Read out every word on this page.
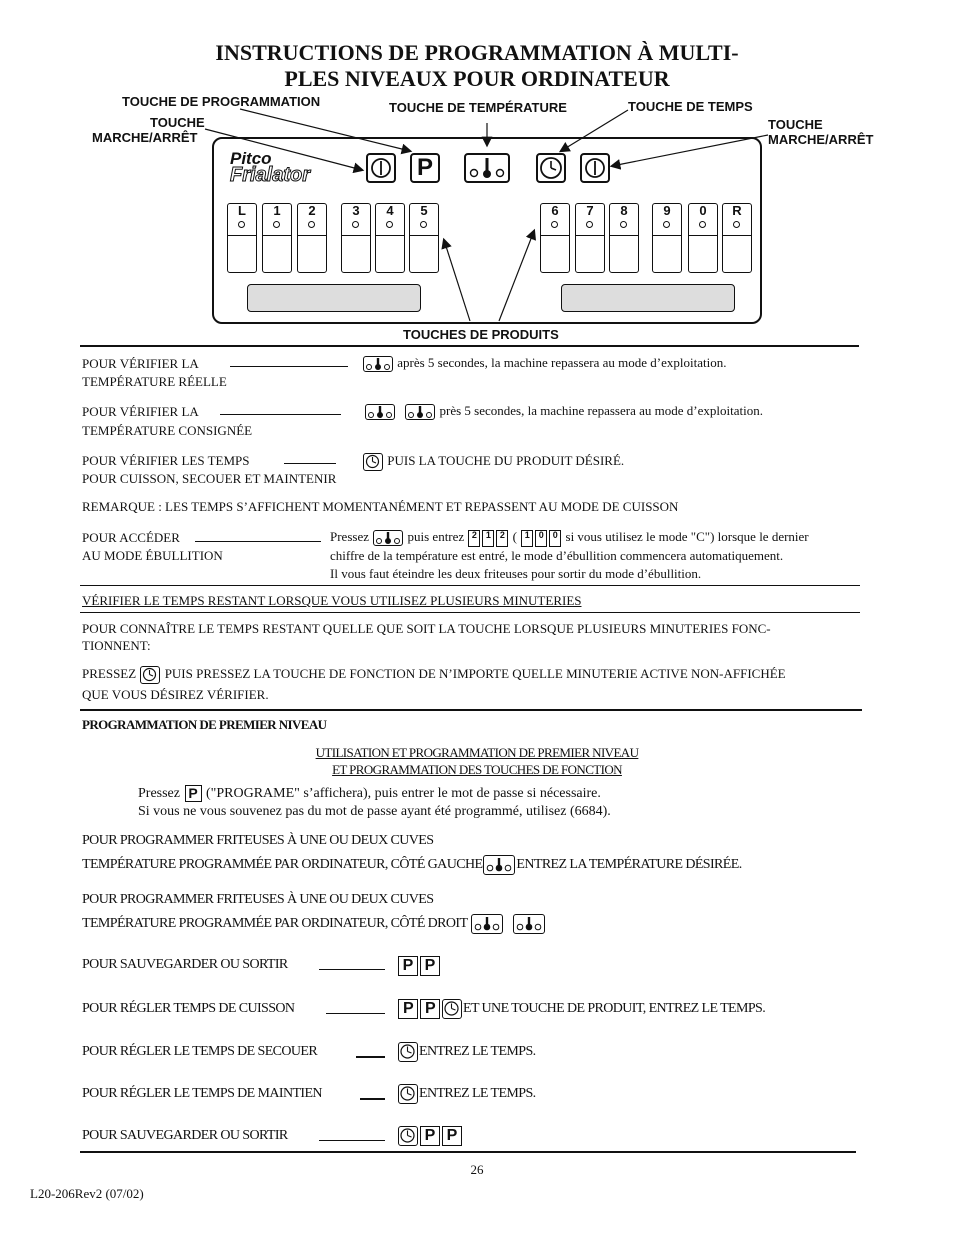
INSTRUCTIONS DE PROGRAMMATION À MULTI-
PLES NIVEAUX POUR ORDINATEUR
TOUCHE DE PROGRAMMATION	TOUCHE DE TEMPÉRATURE	TOUCHE DE TEMPS
TOUCHE
MARCHE/ARRÊT
TOUCHE
MARCHE/ARRÊT
TOUCHES DE PRODUITS
Pitco
Frialator	P
L	1	2	3	4	5	6	7	8	9	0	R
POUR VÉRIFIER LA
TEMPÉRATURE RÉELLE
après 5 secondes, la machine repassera au mode d’exploitation.
POUR VÉRIFIER LA
TEMPÉRATURE CONSIGNÉE

près 5 secondes, la machine repassera au mode d’exploitation.
POUR VÉRIFIER LES TEMPS
POUR CUISSON, SECOUER ET MAINTENIR
PUIS LA TOUCHE DU PRODUIT DÉSIRÉ.
REMARQUE : LES TEMPS S’AFFICHENT MOMENTANÉMENT ET REPASSENT AU MODE DE CUISSON
POUR ACCÉDER
AU MODE ÉBULLITION
Pressez	puis entrez 2 1 2 ( 1 0 0 si vous utilisez le mode "C") lorsque le dernier
chiffre de la température est entré, le mode d’ébullition commencera automatiquement.
Il vous faut éteindre les deux friteuses pour sortir du mode d’ébullition.
VÉRIFIER LE TEMPS RESTANT LORSQUE VOUS UTILISEZ PLUSIEURS MINUTERIES
POUR CONNAÎTRE LE TEMPS RESTANT QUELLE QUE SOIT LA TOUCHE LORSQUE PLUSIEURS MINUTERIES FONC-
TIONNENT:
PRESSEZ PUIS PRESSEZ LA TOUCHE DE FONCTION DE N’IMPORTE QUELLE MINUTERIE ACTIVE NON-AFFICHÉE
QUE VOUS DÉSIREZ VÉRIFIER.
PROGRAMMATION DE PREMIER NIVEAU
UTILISATION ET PROGRAMMATION DE PREMIER NIVEAU
ET PROGRAMMATION DES TOUCHES DE FONCTION
Pressez P ("PROGRAME" s’affichera), puis entrer le mot de passe si nécessaire.
Si vous ne vous souvenez pas du mot de passe ayant été programmé, utilisez (6684).
POUR PROGRAMMER FRITEUSES À UNE OU DEUX CUVES
TEMPÉRATURE PROGRAMMÉE PAR ORDINATEUR, CÔTÉ GAUCHE ENTREZ LA TEMPÉRATURE DÉSIRÉE.
POUR PROGRAMMER FRITEUSES À UNE OU DEUX CUVES
TEMPÉRATURE PROGRAMMÉE PAR ORDINATEUR, CÔTÉ DROIT

POUR SAUVEGARDER OU SORTIR	P P
POUR RÉGLER TEMPS DE CUISSON	P P ET UNE TOUCHE DE PRODUIT, ENTREZ LE TEMPS.
POUR RÉGLER LE TEMPS DE SECOUER	ENTREZ LE TEMPS.
POUR RÉGLER LE TEMPS DE MAINTIEN	ENTREZ LE TEMPS.
POUR SAUVEGARDER OU SORTIR	P P
26
L20-206Rev2 (07/02)
